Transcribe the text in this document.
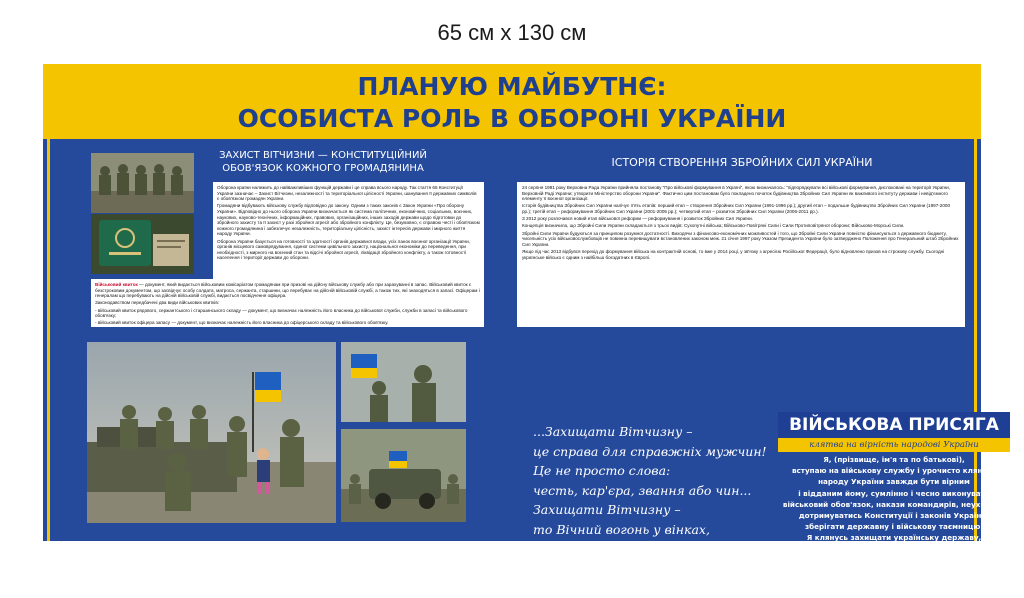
65 см х 130 см
ПЛАНУЮ МАЙБУТНЄ:
ОСОБИСТА РОЛЬ В ОБОРОНІ УКРАЇНИ
ЗАХИСТ ВІТЧИЗНИ — КОНСТИТУЦІЙНИЙ
ОБОВ'ЯЗОК КОЖНОГО ГРОМАДЯНИНА	ІСТОРІЯ СТВОРЕННЯ ЗБРОЙНИХ СИЛ УКРАЇНИ

Оборона країни належить до найважливіших функцій держави і це справа всього народу. Так стаття 65 Конституції України зазначає – Захист Вітчизни, незалежності та територіальної цілісності України, шанування її державних символів є обов'язком громадян України.

Громадяни відбувають військову службу відповідно до закону. Одним з таких законів є Закон України «Про оборону України». Відповідно до нього оборона України визначається як система політичних, економічних, соціальних, воєнних, наукових, науково-технічних, інформаційних, правових, організаційних, інших заходів держави щодо підготовки до збройного захисту та її захист у разі збройної агресії або збройного конфлікту. Це, безумовно, є справою честі і обов'язком кожного громадянина і забезпечує незалежність, територіальну цілісність, захист інтересів держави і мирного життя народу України.

Оборона України базується на готовності та здатності органів державної влади, усіх ланок воєнної організації України, органів місцевого самоврядування, єдиної системи цивільного захисту, національної економіки до переведення, при необхідності, з мирного на воєнний стан та відсічі збройної агресії, ліквідації збройного конфлікту, а також готовності населення і території держави до оборони.

Військовий квиток — документ, який видається військовим комісаріатом громадянам при призові на дійсну військову службу або при зарахуванні в запас. Військовий квиток є безстроковим документом, що засвідчує особу солдата, матроса, сержанта, старшини, що перебуває на дійсній військовій службі, а також тих, які знаходяться в запасі. Офіцерам і генералам що перебувають на дійсній військовій службі, видається посвідчення офіцера.

Законодавством передбачені два види військових квитків:

- військовий квиток рядового, сержантського і старшинського складу — документ, що визначає належність його власника до військової служби, служби в запасі та військового обов'язку;

- військовий квиток офіцера запасу — документ, що визначає належність його власника до офіцерського складу та військового обов'язку.

24 серпня 1991 року Верховна Рада України прийняла постанову "Про військові формування в Україні", якою визначалось: "підпорядкувати всі військові формування, дислоковані на території України, Верховній Раді України; утворити Міністерство оборони України". Фактично цим постановам було покладено початок будівництва Збройних Сил України як важливого інституту держави і невід'ємного елементу її воєнної організації.

Історія будівництва Збройних Сил України налічує п'ять етапів: перший етап – створення Збройних Сил України (1991-1996 рр.); другий етап – подальше будівництво Збройних Сил України (1997-2000 рр.); третій етап – реформування Збройних Сил України (2001-2005 рр.); четвертий етап – розвиток Збройних Сил України (2006-2011 рр.).

З 2012 року розпочався новий етап військової реформи — реформування і розвиток Збройних Сил України.

Концепція визначила, що Збройні Сили України складаються з трьох видів: Сухопутні війська; Військово-Повітряні Сили і Сили Протиповітряної оборони; Військово-Морські Сили.

Збройні Сили України будуються за принципом розумної достатності. Виходячи з фінансово-економічних можливостей і того, що Збройні Сили України повністю фінансуються з державного бюджету, чисельність усіх військовослужбовців не повинна перевищувати встановлених законом меж. 21 січня 1997 року Указом Президента України було затверджено Положення про Генеральний штаб Збройних Сил України.

Якщо під час 2013 відбувся перехід до формування війська на контрактній основі, то вже у 2014 році, у зв'язку з агресією Російської Федерації, було відновлено призов на строкову службу. Сьогодні українське військо є одним з найбільш боєздатних в Європі.

...Захищати Вітчизну –
це справа для справжніх мужчин!
Це не просто слова:
честь, кар'єра, звання або чин...
Захищати Вітчизну –
то Вічний вогонь у вінках,
То – з сіх почесті –
честь, то професія, хлопці, така...
В. Цимбалюк
ВІЙСЬКОВА ПРИСЯГА
клятва на вірність народові України
Я, (прізвище, ім'я та по батькові),
вступаю на військову службу і урочисто клянусь
народу України завжди бути вірним
і відданим йому, сумлінно і чесно виконувати
військовий обов'язок, накази командирів, неухильно
дотримуватись Конституції і законів України,
зберігати державну і військову таємницю.
Я клянусь захищати українську державу,
непохитно стояти на
сторожі її свободи і незалежності.
Я присягаю ніколи не зрадити народу України.
